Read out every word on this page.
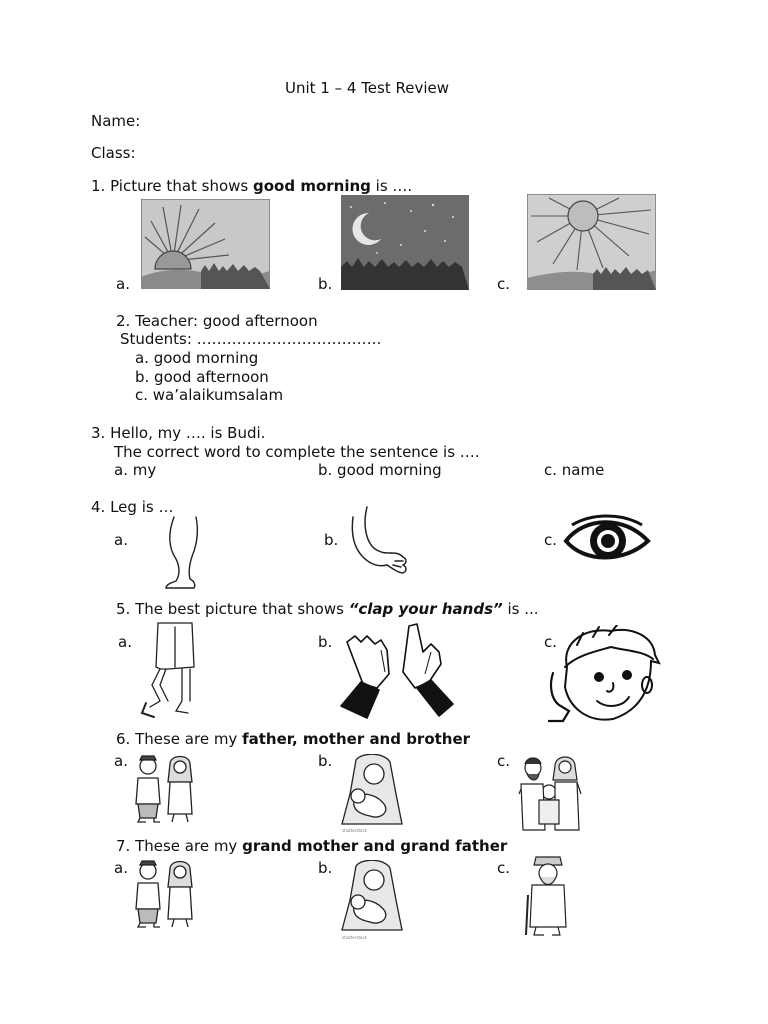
Unit 1 – 4 Test Review
Name:
Class:
1. Picture that shows good morning is ….
a.	b.	c.
2. Teacher: good afternoon
Students: ……………………………….
a. good morning
b. good afternoon
c. wa’alaikumsalam
3. Hello, my …. is Budi.
The correct word to complete the sentence is ….
a. my	b. good morning	c. name
4. Leg is …
a.	b.	c.
5. The best picture that shows “clap your hands” is ...
a.	b.	c.
6. These are my father, mother and brother
a.	b.	c.
shutterstock
7. These are my grand mother and grand father
a.	b.	c.
shutterstock
